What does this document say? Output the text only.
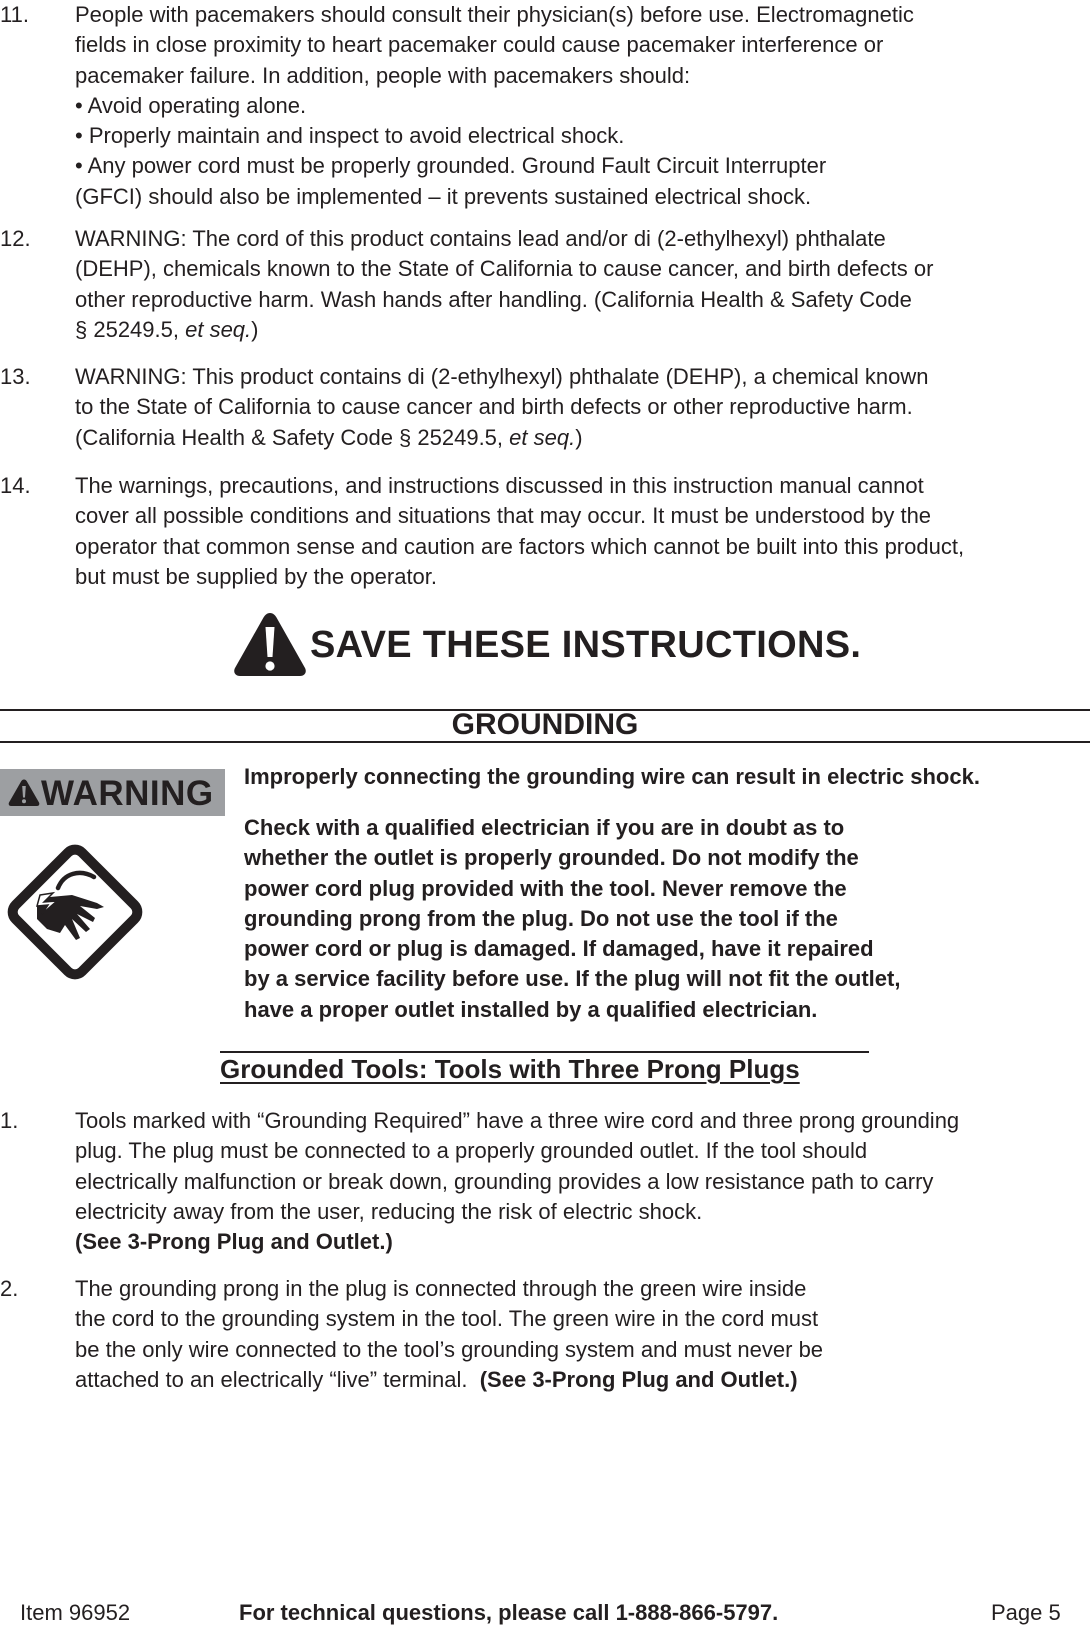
11. People with pacemakers should consult their physician(s) before use. Electromagnetic
fields in close proximity to heart pacemaker could cause pacemaker interference or
pacemaker failure. In addition, people with pacemakers should:
• Avoid operating alone.
• Properly maintain and inspect to avoid electrical shock.
• Any power cord must be properly grounded. Ground Fault Circuit Interrupter
(GFCI) should also be implemented – it prevents sustained electrical shock.
12. WARNING: The cord of this product contains lead and/or di (2-ethylhexyl) phthalate
(DEHP), chemicals known to the State of California to cause cancer, and birth defects or
other reproductive harm. Wash hands after handling. (California Health & Safety Code
§ 25249.5, et seq.)
13. WARNING: This product contains di (2-ethylhexyl) phthalate (DEHP), a chemical known
to the State of California to cause cancer and birth defects or other reproductive harm.
(California Health & Safety Code § 25249.5, et seq.)
14. The warnings, precautions, and instructions discussed in this instruction manual cannot
cover all possible conditions and situations that may occur. It must be understood by the
operator that common sense and caution are factors which cannot be built into this product,
but must be supplied by the operator.
SAVE THESE INSTRUCTIONS.
GROUNDING
WARNING Improperly connecting the grounding wire can result in electric shock.
Check with a qualified electrician if you are in doubt as to
whether the outlet is properly grounded. Do not modify the
power cord plug provided with the tool. Never remove the
grounding prong from the plug. Do not use the tool if the
power cord or plug is damaged. If damaged, have it repaired
by a service facility before use. If the plug will not fit the outlet,
have a proper outlet installed by a qualified electrician.
Grounded Tools: Tools with Three Prong Plugs
1.	Tools marked with “Grounding Required” have a three wire cord and three prong grounding
plug. The plug must be connected to a properly grounded outlet. If the tool should
electrically malfunction or break down, grounding provides a low resistance path to carry
electricity away from the user, reducing the risk of electric shock.
(See 3-Prong Plug and Outlet.)
2.	The grounding prong in the plug is connected through the green wire inside
the cord to the grounding system in the tool. The green wire in the cord must
be the only wire connected to the tool’s grounding system and must never be
attached to an electrically “live” terminal.  (See 3-Prong Plug and Outlet.)
Item 96952	For technical questions, please call 1-888-866-5797.	Page 5
